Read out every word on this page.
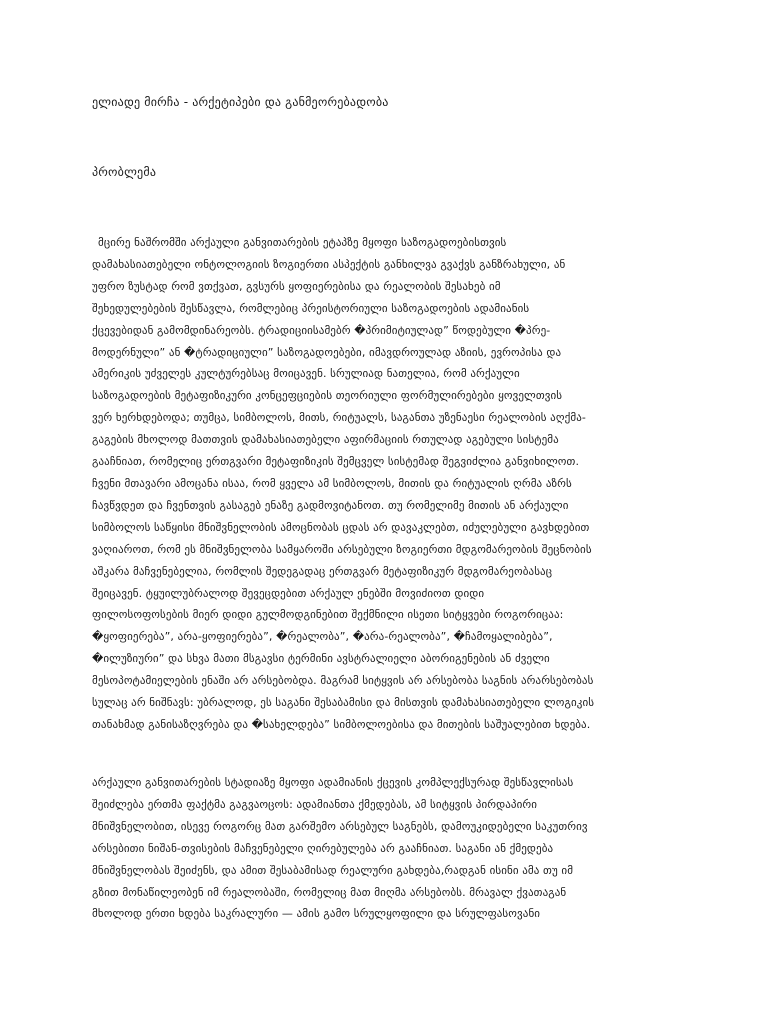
ელიადე მირჩა - არქეტიპები და განმეორებადობა
პრობლემა
მცირე ნაშრომში არქაული განვითარების ეტაპზე მყოფი საზოგადოებისთვის
დამახასიათებელი ონტოლოგიის ზოგიერთი ასპექტის განხილვა გვაქვს განზრახული, ან
უფრო ზუსტად რომ ვთქვათ, გვსურს ყოფიერებისა და რეალობის შესახებ იმ
შეხედულებების შესწავლა, რომლებიც პრეისტორიული საზოგადოების ადამიანის
ქცევებიდან გამომდინარეობს. ტრადიციისამებრ �პრიმიტიულად” წოდებული �პრე-
მოდერნული” ან �ტრადიციული” საზოგადოებები, იმავდროულად აზიის, ევროპისა და
ამერიკის უძველეს კულტურებსაც მოიცავენ. სრულიად ნათელია, რომ არქაული
საზოგადოების მეტაფიზიკური კონცეფციების თეორიული ფორმულირებები ყოველთვის
ვერ ხერხდებოდა; თუმცა, სიმბოლოს, მითს, რიტუალს, საგანთა უზენაესი რეალობის აღქმა-
გაგების მხოლოდ მათთვის დამახასიათებელი აფირმაციის რთულად აგებული სისტემა
გააჩნიათ, რომელიც ერთგვარი მეტაფიზიკის შემცველ სისტემად შეგვიძლია განვიხილოთ.
ჩვენი მთავარი ამოცანა ისაა, რომ ყველა ამ სიმბოლოს, მითის და რიტუალის ღრმა აზრს
ჩავწვდეთ და ჩვენთვის გასაგებ ენაზე გადმოვიტანოთ. თუ რომელიმე მითის ან არქაული
სიმბოლოს საწყისი მნიშვნელობის ამოცნობას ცდას არ დავაკლებთ, იძულებული გავხდებით
ვაღიაროთ, რომ ეს მნიშვნელობა სამყაროში არსებული ზოგიერთი მდგომარეობის შეცნობის
აშკარა მაჩვენებელია, რომლის შედეგადაც ერთგვარ მეტაფიზიკურ მდგომარეობასაც
შეიცავენ. ტყუილუბრალოდ შევეცდებით არქაულ ენებში მოვიძიოთ დიდი
ფილოსოფოსების მიერ დიდი გულმოდგინებით შექმნილი ისეთი სიტყვები როგორიცაა:
�ყოფიერება”, არა-ყოფიერება”, �რეალობა”, �არა-რეალობა”, �ჩამოყალიბება”,
�ილუზიური” და სხვა მათი მსგავსი ტერმინი ავსტრალიელი აბორიგენების ან ძველი
მესოპოტამიელების ენაში არ არსებობდა. მაგრამ სიტყვის არ არსებობა საგნის არარსებობას
სულაც არ ნიშნავს: უბრალოდ, ეს საგანი შესაბამისი და მისთვის დამახასიათებელი ლოგიკის
თანახმად განისაზღვრება და �სახელდება” სიმბოლოებისა და მითების საშუალებით ხდება.
არქაული განვითარების სტადიაზე მყოფი ადამიანის ქცევის კომპლექსურად შესწავლისას
შეიძლება ერთმა ფაქტმა გაგვაოცოს: ადამიანთა ქმედებას, ამ სიტყვის პირდაპირი
მნიშვნელობით, ისევე როგორც მათ გარშემო არსებულ საგნებს, დამოუკიდებელი საკუთრივ
არსებითი ნიშან-თვისების მაჩვენებელი ღირებულება არ გააჩნიათ. საგანი ან ქმედება
მნიშვნელობას შეიძენს, და ამით შესაბამისად რეალური გახდება,რადგან ისინი ამა თუ იმ
გზით მონაწილეობენ იმ რეალობაში, რომელიც მათ მიღმა არსებობს. მრავალ ქვათაგან
მხოლოდ ერთი ხდება საკრალური — ამის გამო სრულყოფილი და სრულფასოვანი
